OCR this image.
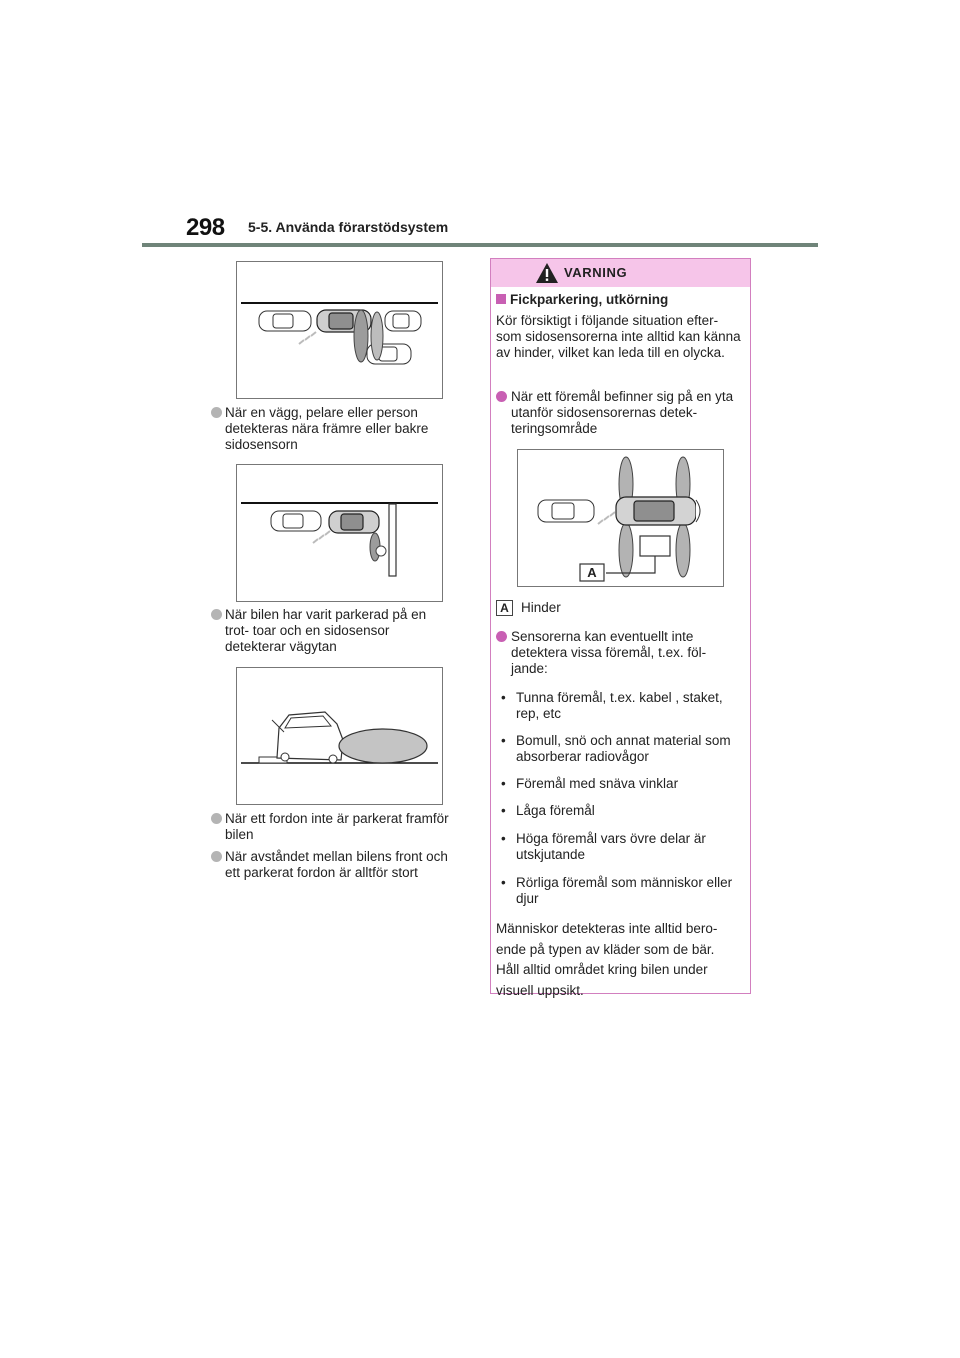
298 5-5. Använda förarstödsystem
När en vägg, pelare eller person detekteras nära främre eller bakre sidosensorn
När bilen har varit parkerad på en trot- toar och en sidosensor detekterar vägytan
När ett fordon inte är parkerat framför bilen
När avståndet mellan bilens front och ett parkerat fordon är alltför stort
VARNING
Fickparkering, utkörning
Kör försiktigt i följande situation efter- som sidosensorerna inte alltid kan känna av hinder, vilket kan leda till en olycka.
När ett föremål befinner sig på en yta utanför sidosensorernas detek- teringsområde
A
A Hinder
Sensorerna kan eventuellt inte detektera vissa föremål, t.ex. föl- jande:
• Tunna föremål, t.ex. kabel , staket, rep, etc
• Bomull, snö och annat material som absorberar radiovågor
• Föremål med snäva vinklar
• Låga föremål
• Höga föremål vars övre delar är utskjutande
• Rörliga föremål som människor eller djur
Människor detekteras inte alltid bero- ende på typen av kläder som de bär.
Håll alltid området kring bilen under visuell uppsikt.
